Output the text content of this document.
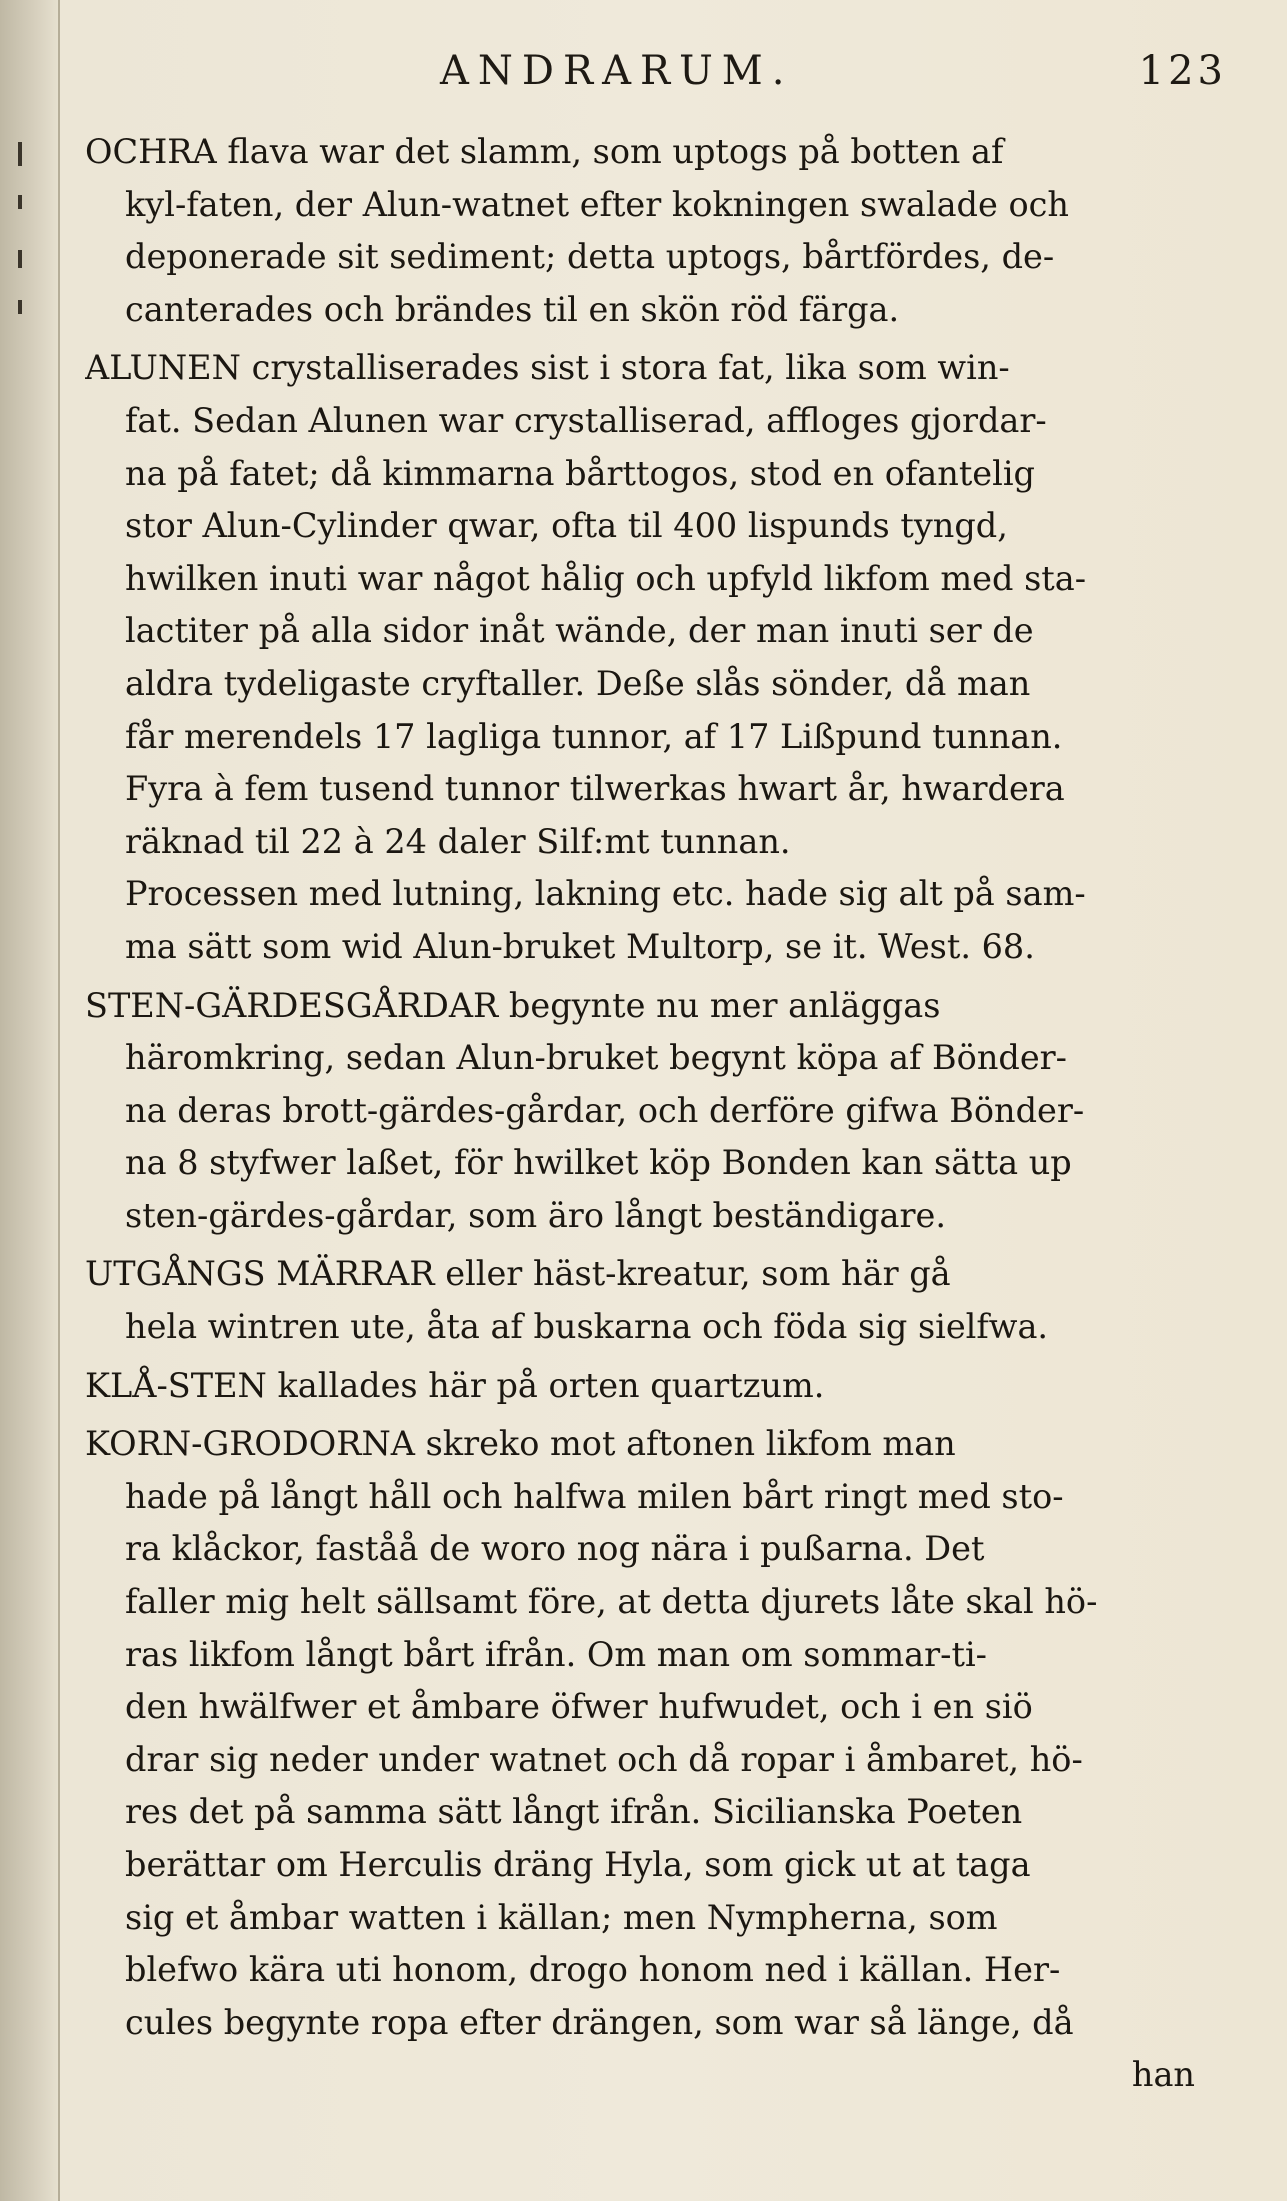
ANDRARUM.	123
OCHRA flava war det slamm, som uptogs på botten af
kyl-faten, der Alun-watnet efter kokningen swalade och
deponerade sit sediment; detta uptogs, bårtfördes, de-
canterades och brändes til en skön röd färga.
ALUNEN crystalliserades sist i stora fat, lika som win-
fat. Sedan Alunen war crystalliserad, affloges gjordar-
na på fatet; då kimmarna bårttogos, stod en ofantelig
stor Alun-Cylinder qwar, ofta til 400 lispunds tyngd,
hwilken inuti war något hålig och upfyld likfom med sta-
lactiter på alla sidor inåt wände, der man inuti ser de
aldra tydeligaste cryftaller. Deße slås sönder, då man
får merendels 17 lagliga tunnor, af 17 Lißpund tunnan.
Fyra à fem tusend tunnor tilwerkas hwart år, hwardera
räknad til 22 à 24 daler Silf:mt tunnan.
Processen med lutning, lakning etc. hade sig alt på sam-
ma sätt som wid Alun-bruket Multorp, se it. West. 68.
STEN-GÄRDESGÅRDAR begynte nu mer anläggas
häromkring, sedan Alun-bruket begynt köpa af Bönder-
na deras brott-gärdes-gårdar, och derföre gifwa Bönder-
na 8 styfwer laßet, för hwilket köp Bonden kan sätta up
sten-gärdes-gårdar, som äro långt beständigare.
UTGÅNGS MÄRRAR eller häst-kreatur, som här gå
hela wintren ute, åta af buskarna och föda sig sielfwa.
KLÅ-STEN kallades här på orten quartzum.
KORN-GRODORNA skreko mot aftonen likfom man
hade på långt håll och halfwa milen bårt ringt med sto-
ra klåckor, faståå de woro nog nära i pußarna. Det
faller mig helt sällsamt före, at detta djurets låte skal hö-
ras likfom långt bårt ifrån. Om man om sommar-ti-
den hwälfwer et åmbare öfwer hufwudet, och i en siö
drar sig neder under watnet och då ropar i åmbaret, hö-
res det på samma sätt långt ifrån. Sicilianska Poeten
berättar om Herculis dräng Hyla, som gick ut at taga
sig et åmbar watten i källan; men Nympherna, som
blefwo kära uti honom, drogo honom ned i källan. Her-
cules begynte ropa efter drängen, som war så länge, då
han
